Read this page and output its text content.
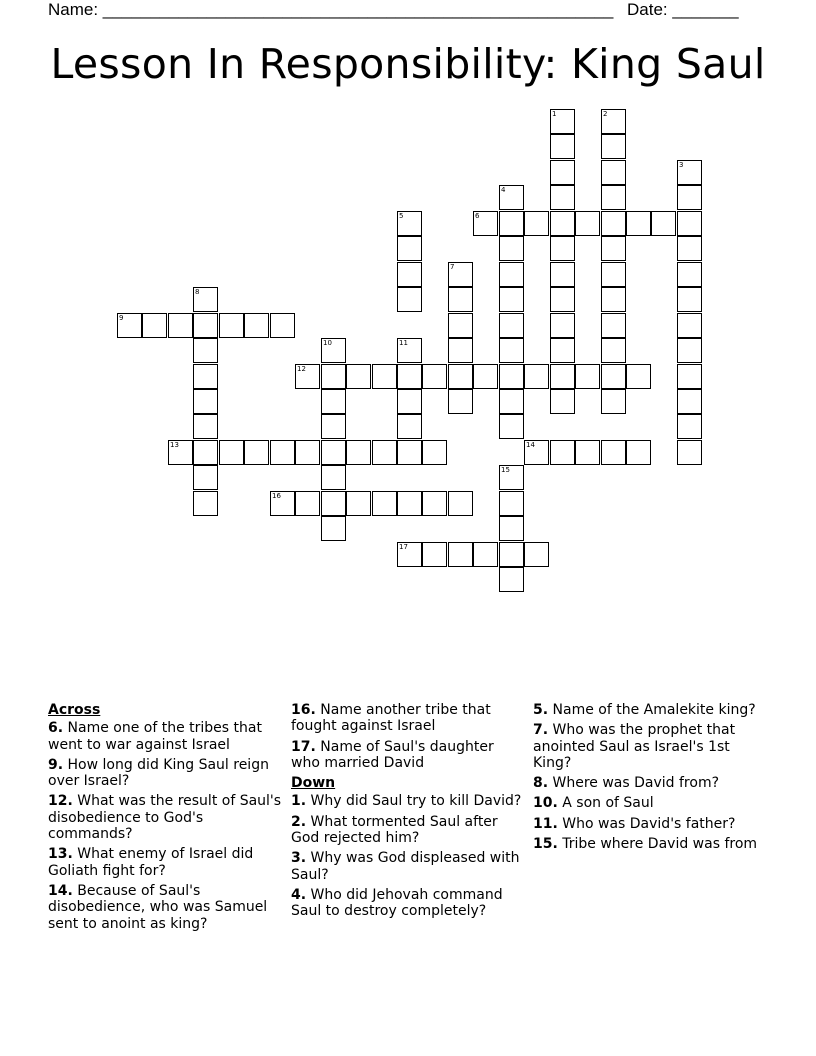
Name: ______________________________________________________

Date: _______

Lesson In Responsibility: King Saul
1	2
3
4
5	6
7
8
9
10	11
12
13	14
15
16
17
Across
6. Name one of the tribes that went to war against Israel
9. How long did King Saul reign over Israel?
12. What was the result of Saul's disobedience to God's commands?
13. What enemy of Israel did Goliath fight for?
14. Because of Saul's disobedience, who was Samuel sent to anoint as king?
16. Name another tribe that fought against Israel
17. Name of Saul's daughter who married David
Down
1. Why did Saul try to kill David?
2. What tormented Saul after God rejected him?
3. Why was God displeased with Saul?
4. Who did Jehovah command Saul to destroy completely?
5. Name of the Amalekite king?
7. Who was the prophet that anointed Saul as Israel's 1st King?
8. Where was David from?
10. A son of Saul
11. Who was David's father?
15. Tribe where David was from
